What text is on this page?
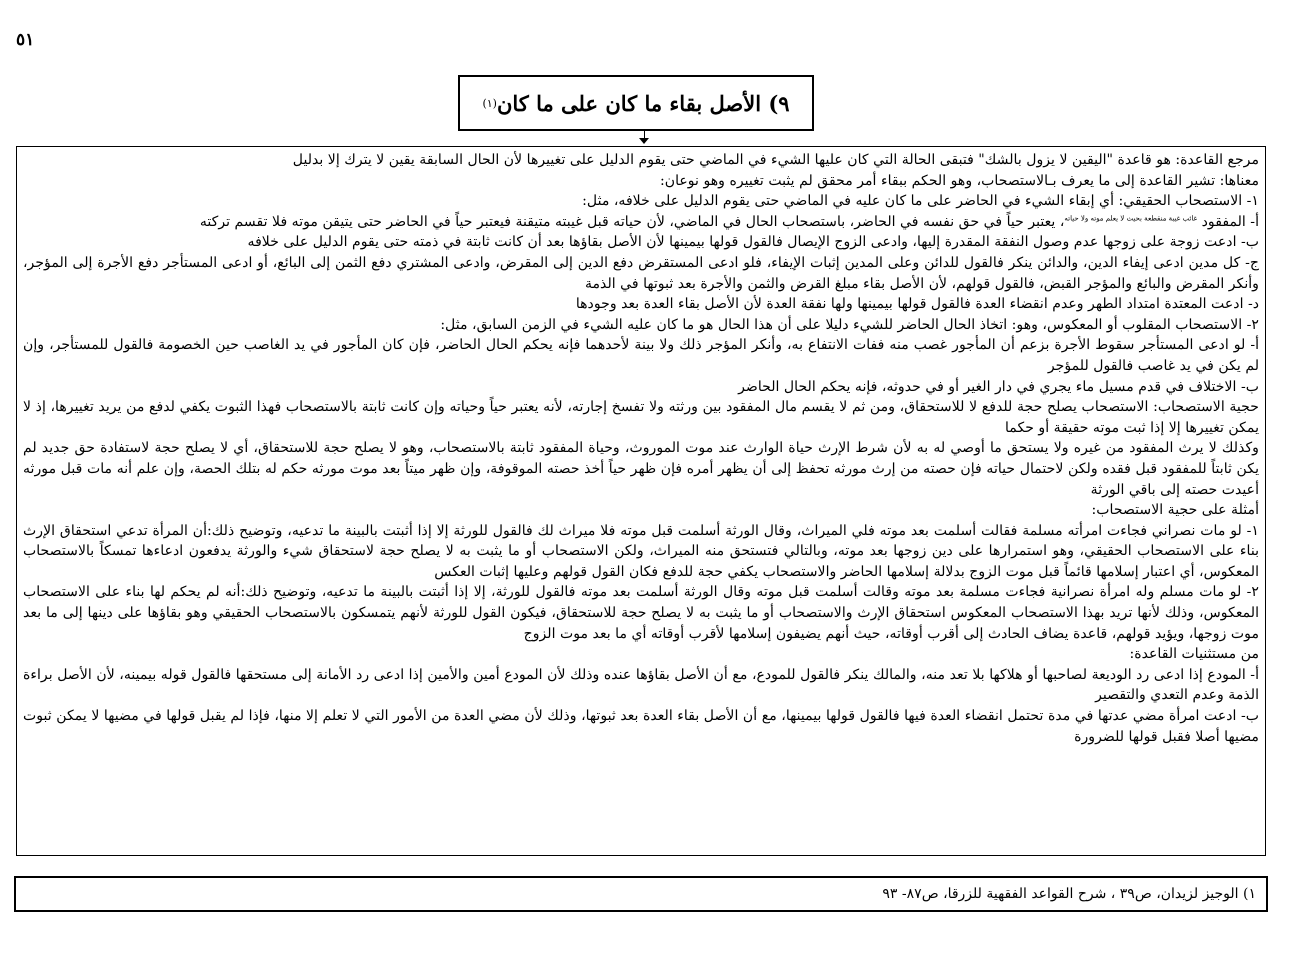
٥١
٩) الأصل بقاء ما كان على ما كان
(١)

مرجع القاعدة: هو قاعدة "اليقين لا يزول بالشك" فتبقى الحالة التي كان عليها الشيء في الماضي حتى يقوم الدليل على تغييرها لأن الحال السابقة يقين لا يترك إلا بدليل

معناها: تشير القاعدة إلى ما يعرف بـالاستصحاب، وهو الحكم ببقاء أمر محقق لم يثبت تغييره وهو نوعان:

١- الاستصحاب الحقيقي: أي إبقاء الشيء في الحاضر على ما كان عليه في الماضي حتى يقوم الدليل على خلافه، مثل:

أ- المفقود $^{غائب غيبة منقطعة بحيث لا يعلم موته ولا حياته}$، يعتبر حياً في حق نفسه في الحاضر، باستصحاب الحال في الماضي، لأن حياته قبل غيبته متيقنة فيعتبر حياً في الحاضر حتى يتيقن موته فلا تقسم تركته

ب- ادعت زوجة على زوجها عدم وصول النفقة المقدرة إليها، وادعى الزوج الإيصال فالقول قولها بيمينها لأن الأصل بقاؤها بعد أن كانت ثابتة في ذمته حتى يقوم الدليل على خلافه

ج- كل مدين ادعى إيفاء الدين، والدائن ينكر فالقول للدائن وعلى المدين إثبات الإيفاء، فلو ادعى المستقرض دفع الدين إلى المقرض، وادعى المشتري دفع الثمن إلى البائع، أو ادعى المستأجر دفع الأجرة إلى المؤجر، وأنكر المقرض والبائع والمؤجر القبض، فالقول قولهم، لأن الأصل بقاء مبلغ القرض والثمن والأجرة بعد ثبوتها في الذمة

د- ادعت المعتدة امتداد الطهر وعدم انقضاء العدة فالقول قولها بيمينها ولها نفقة العدة لأن الأصل بقاء العدة بعد وجودها

٢- الاستصحاب المقلوب أو المعكوس، وهو: اتخاذ الحال الحاضر للشيء دليلا على أن هذا الحال هو ما كان عليه الشيء في الزمن السابق، مثل:

أ- لو ادعى المستأجر سقوط الأجرة بزعم أن المأجور غصب منه ففات الانتفاع به، وأنكر المؤجر ذلك ولا بينة لأحدهما فإنه يحكم الحال الحاضر، فإن كان المأجور في يد الغاصب حين الخصومة فالقول للمستأجر، وإن لم يكن في يد غاصب فالقول للمؤجر

ب- الاختلاف في قدم مسيل ماء يجري في دار الغير أو في حدوثه، فإنه يحكم الحال الحاضر

حجية الاستصحاب: الاستصحاب يصلح حجة للدفع لا للاستحقاق، ومن ثم لا يقسم مال المفقود بين ورثته ولا تفسخ إجارته، لأنه يعتبر حياً وحياته وإن كانت ثابتة بالاستصحاب فهذا الثبوت يكفي لدفع من يريد تغييرها، إذ لا يمكن تغييرها إلا إذا ثبت موته حقيقة أو حكما

وكذلك لا يرث المفقود من غيره ولا يستحق ما أوصي له به لأن شرط الإرث حياة الوارث عند موت الموروث، وحياة المفقود ثابتة بالاستصحاب، وهو لا يصلح حجة للاستحقاق، أي لا يصلح حجة لاستفادة حق جديد لم يكن ثابتاً للمفقود قبل فقده ولكن لاحتمال حياته فإن حصته من إرث مورثه تحفظ إلى أن يظهر أمره فإن ظهر حياً أخذ حصته الموقوفة، وإن ظهر ميتاً بعد موت مورثه حكم له بتلك الحصة، وإن علم أنه مات قبل مورثه أعيدت حصته إلى باقي الورثة

أمثلة على حجية الاستصحاب:

١- لو مات نصراني فجاءت امرأته مسلمة فقالت أسلمت بعد موته فلي الميراث، وقال الورثة أسلمت قبل موته فلا ميراث لك فالقول للورثة إلا إذا أثبتت بالبينة ما تدعيه، وتوضيح ذلك:أن المرأة تدعي استحقاق الإرث بناء على الاستصحاب الحقيقي، وهو استمرارها على دين زوجها بعد موته، وبالتالي فتستحق منه الميراث، ولكن الاستصحاب أو ما يثبت به لا يصلح حجة لاستحقاق شيء والورثة يدفعون ادعاءها تمسكاً بالاستصحاب المعكوس، أي اعتبار إسلامها قائماً قبل موت الزوج بدلالة إسلامها الحاضر والاستصحاب يكفي حجة للدفع فكان القول قولهم وعليها إثبات العكس

٢- لو مات مسلم وله امرأة نصرانية فجاءت مسلمة بعد موته وقالت أسلمت قبل موته وقال الورثة أسلمت بعد موته فالقول للورثة، إلا إذا أثبتت بالبينة ما تدعيه، وتوضيح ذلك:أنه لم يحكم لها بناء على الاستصحاب المعكوس، وذلك لأنها تريد بهذا الاستصحاب المعكوس استحقاق الإرث والاستصحاب أو ما يثبت به لا يصلح حجة للاستحقاق، فيكون القول للورثة لأنهم يتمسكون بالاستصحاب الحقيقي وهو بقاؤها على دينها إلى ما بعد موت زوجها، ويؤيد قولهم، قاعدة يضاف الحادث إلى أقرب أوقاته، حيث أنهم يضيفون إسلامها لأقرب أوقاته أي ما بعد موت الزوج

من مستثنيات القاعدة:

أ- المودع إذا ادعى رد الوديعة لصاحبها أو هلاكها بلا تعد منه، والمالك ينكر فالقول للمودع، مع أن الأصل بقاؤها عنده وذلك لأن المودع أمين والأمين إذا ادعى رد الأمانة إلى مستحقها فالقول قوله بيمينه، لأن الأصل براءة الذمة وعدم التعدي والتقصير

ب- ادعت امرأة مضي عدتها في مدة تحتمل انقضاء العدة فيها فالقول قولها بيمينها، مع أن الأصل بقاء العدة بعد ثبوتها، وذلك لأن مضي العدة من الأمور التي لا تعلم إلا منها، فإذا لم يقبل قولها في مضيها لا يمكن ثبوت مضيها أصلا فقبل قولها للضرورة

١) الوجيز لزيدان، ص٣٩ ، شرح القواعد الفقهية للزرقا، ص٨٧- ٩٣
